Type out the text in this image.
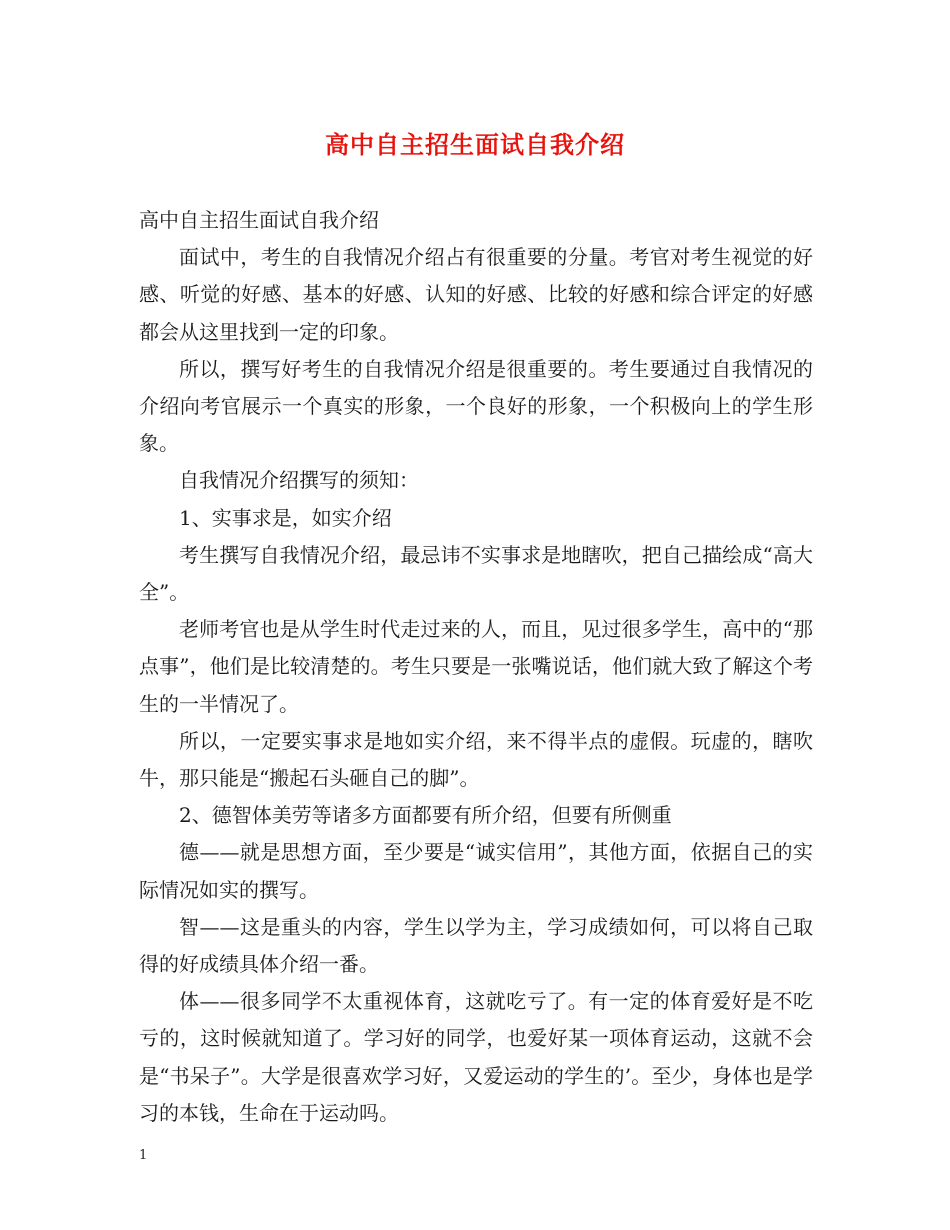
高中自主招生面试自我介绍

高中自主招生面试自我介绍

面试中，考生的自我情况介绍占有很重要的分量。考官对考生视觉的好感、听觉的好感、基本的好感、认知的好感、比较的好感和综合评定的好感都会从这里找到一定的印象。

所以，撰写好考生的自我情况介绍是很重要的。考生要通过自我情况的介绍向考官展示一个真实的形象，一个良好的形象，一个积极向上的学生形象。

自我情况介绍撰写的须知：

1、实事求是，如实介绍

考生撰写自我情况介绍，最忌讳不实事求是地瞎吹，把自己描绘成“高大全”。

老师考官也是从学生时代走过来的人，而且，见过很多学生，高中的“那点事”，他们是比较清楚的。考生只要是一张嘴说话，他们就大致了解这个考生的一半情况了。

所以，一定要实事求是地如实介绍，来不得半点的虚假。玩虚的，瞎吹牛，那只能是“搬起石头砸自己的脚”。

2、德智体美劳等诸多方面都要有所介绍，但要有所侧重

德——就是思想方面，至少要是“诚实信用”，其他方面，依据自己的实际情况如实的撰写。

智——这是重头的内容，学生以学为主，学习成绩如何，可以将自己取得的好成绩具体介绍一番。

体——很多同学不太重视体育，这就吃亏了。有一定的体育爱好是不吃亏的，这时候就知道了。学习好的同学，也爱好某一项体育运动，这就不会是“书呆子”。大学是很喜欢学习好，又爱运动的学生的’。至少，身体也是学习的本钱，生命在于运动吗。

1
